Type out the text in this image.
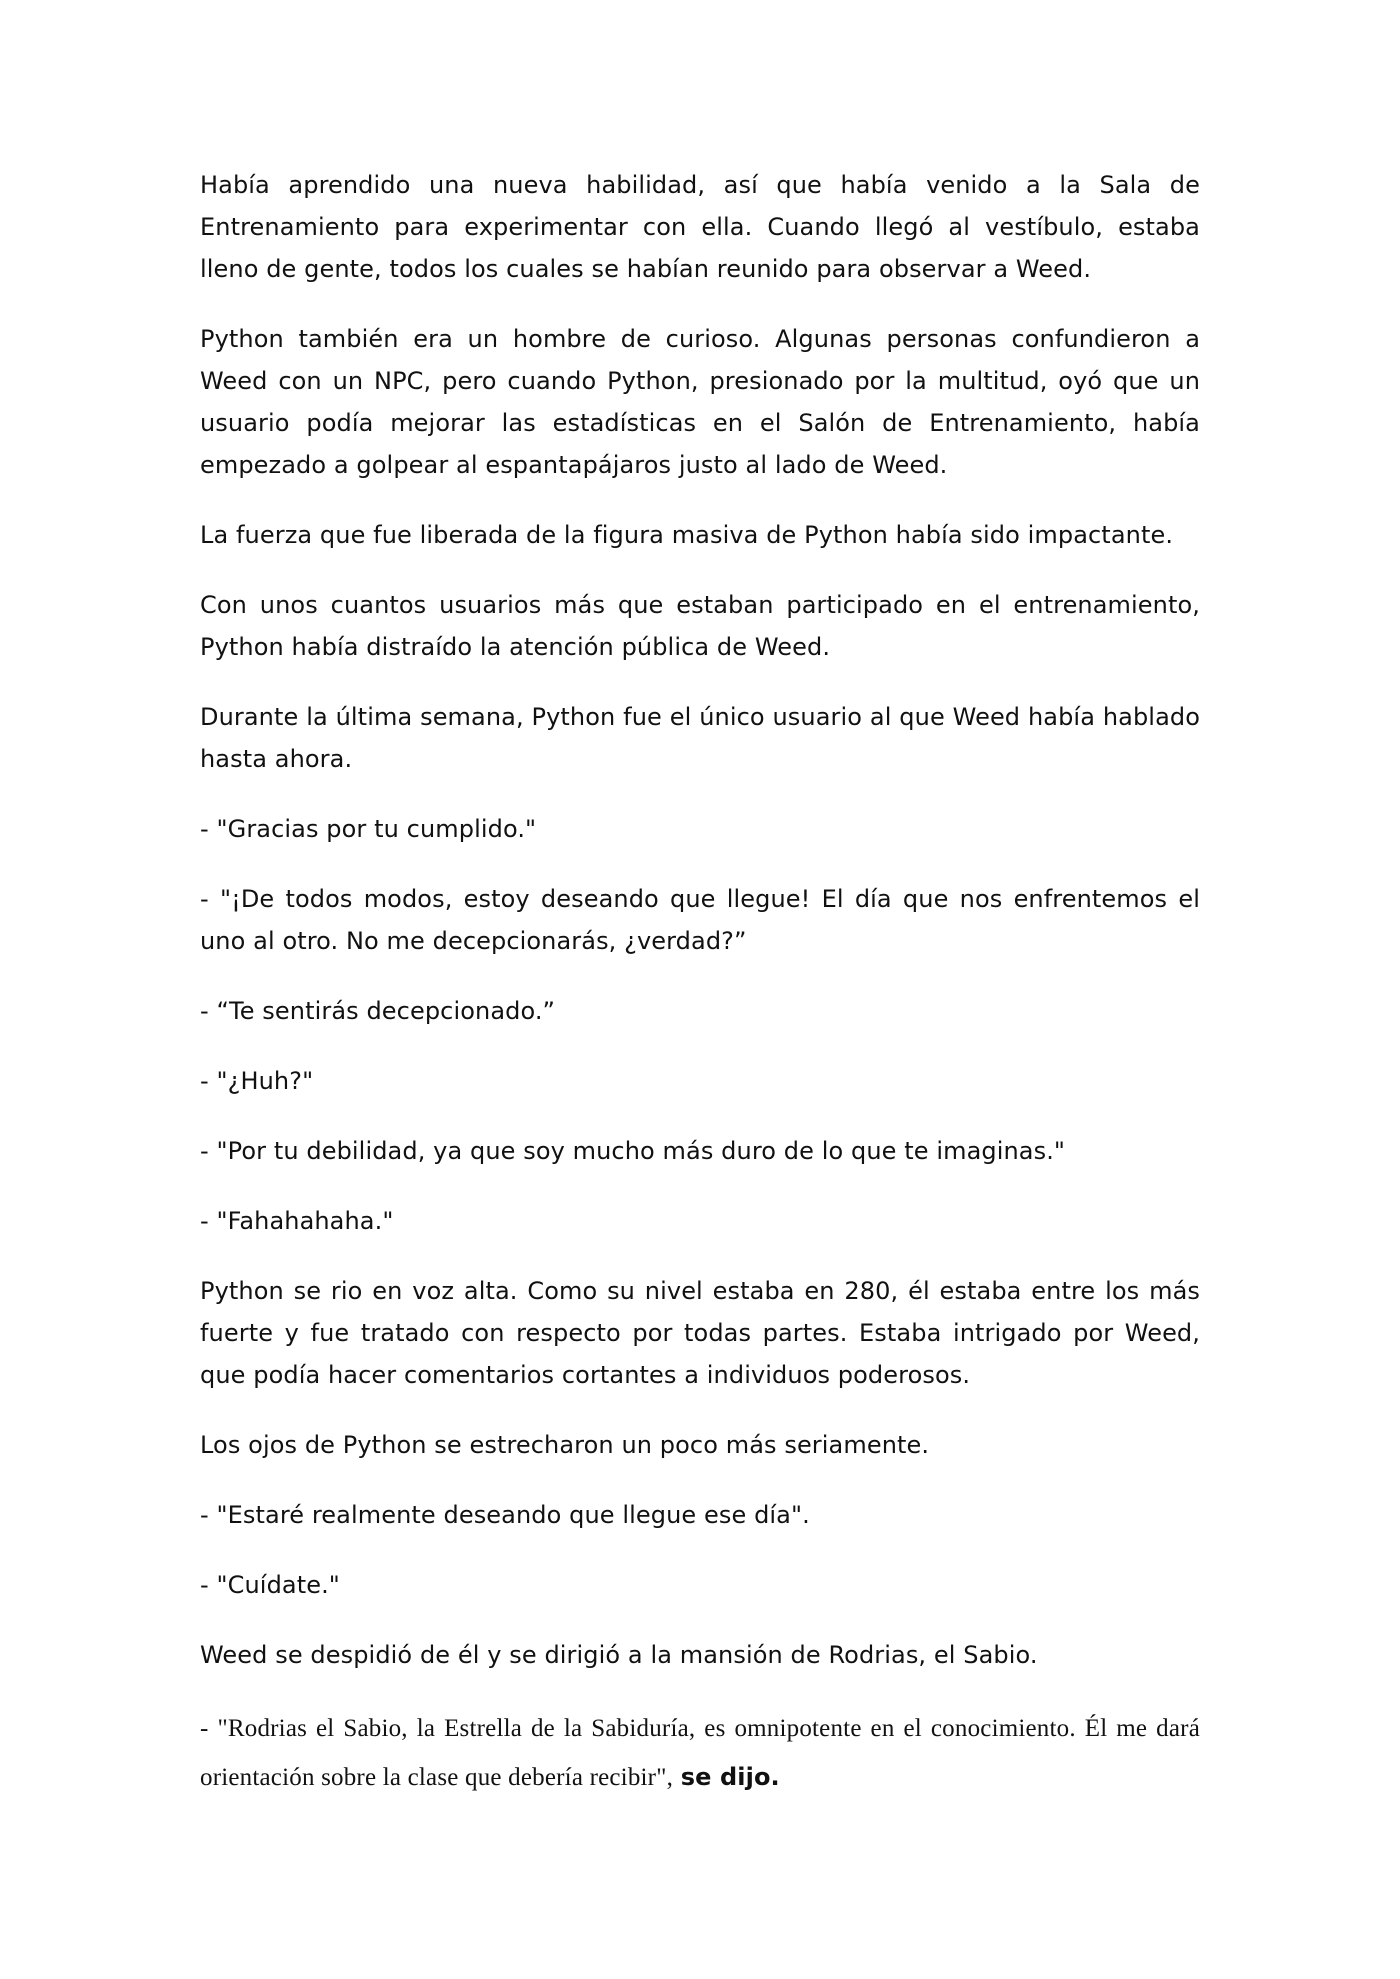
Había aprendido una nueva habilidad, así que había venido a la Sala de Entrenamiento para experimentar con ella. Cuando llegó al vestíbulo, estaba lleno de gente, todos los cuales se habían reunido para observar a Weed.

Python también era un hombre de curioso. Algunas personas confundieron a Weed con un NPC, pero cuando Python, presionado por la multitud, oyó que un usuario podía mejorar las estadísticas en el Salón de Entrenamiento, había empezado a golpear al espantapájaros justo al lado de Weed.

La fuerza que fue liberada de la figura masiva de Python había sido impactante.

Con unos cuantos usuarios más que estaban participado en el entrenamiento, Python había distraído la atención pública de Weed.

Durante la última semana, Python fue el único usuario al que Weed había hablado hasta ahora.

- "Gracias por tu cumplido."

- "¡De todos modos, estoy deseando que llegue! El día que nos enfrentemos el uno al otro. No me decepcionarás, ¿verdad?”

- “Te sentirás decepcionado.”

- "¿Huh?"

- "Por tu debilidad, ya que soy mucho más duro de lo que te imaginas."

- "Fahahahaha."

Python se rio en voz alta. Como su nivel estaba en 280, él estaba entre los más fuerte y fue tratado con respecto por todas partes. Estaba intrigado por Weed, que podía hacer comentarios cortantes a individuos poderosos.

Los ojos de Python se estrecharon un poco más seriamente.

- "Estaré realmente deseando que llegue ese día".

- "Cuídate."

Weed se despidió de él y se dirigió a la mansión de Rodrias, el Sabio.

- "Rodrias el Sabio, la Estrella de la Sabiduría, es omnipotente en el conocimiento. Él me dará orientación sobre la clase que debería recibir", se dijo.
